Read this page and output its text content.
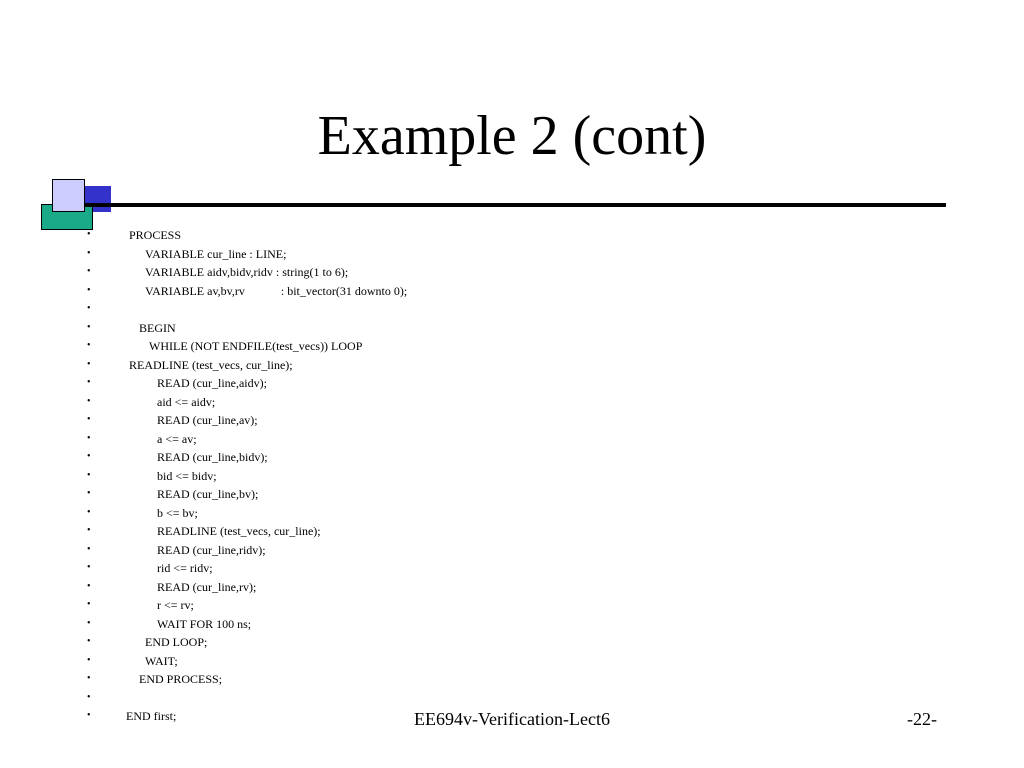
Example 2 (cont)
•	PROCESS
•	VARIABLE cur_line : LINE;
•	VARIABLE aidv,bidv,ridv : string(1 to 6);
•	VARIABLE av,bv,rv            : bit_vector(31 downto 0);
•
•	BEGIN
•	WHILE (NOT ENDFILE(test_vecs)) LOOP
•	READLINE (test_vecs, cur_line);
•	READ (cur_line,aidv);
•	aid <= aidv;
•	READ (cur_line,av);
•	a <= av;
•	READ (cur_line,bidv);
•	bid <= bidv;
•	READ (cur_line,bv);
•	b <= bv;
•	READLINE (test_vecs, cur_line);
•	READ (cur_line,ridv);
•	rid <= ridv;
•	READ (cur_line,rv);
•	r <= rv;
•	WAIT FOR 100 ns;
•	END LOOP;
•	WAIT;
•	END PROCESS;
•
•	END first;	EE694v-Verification-Lect6	-22-
